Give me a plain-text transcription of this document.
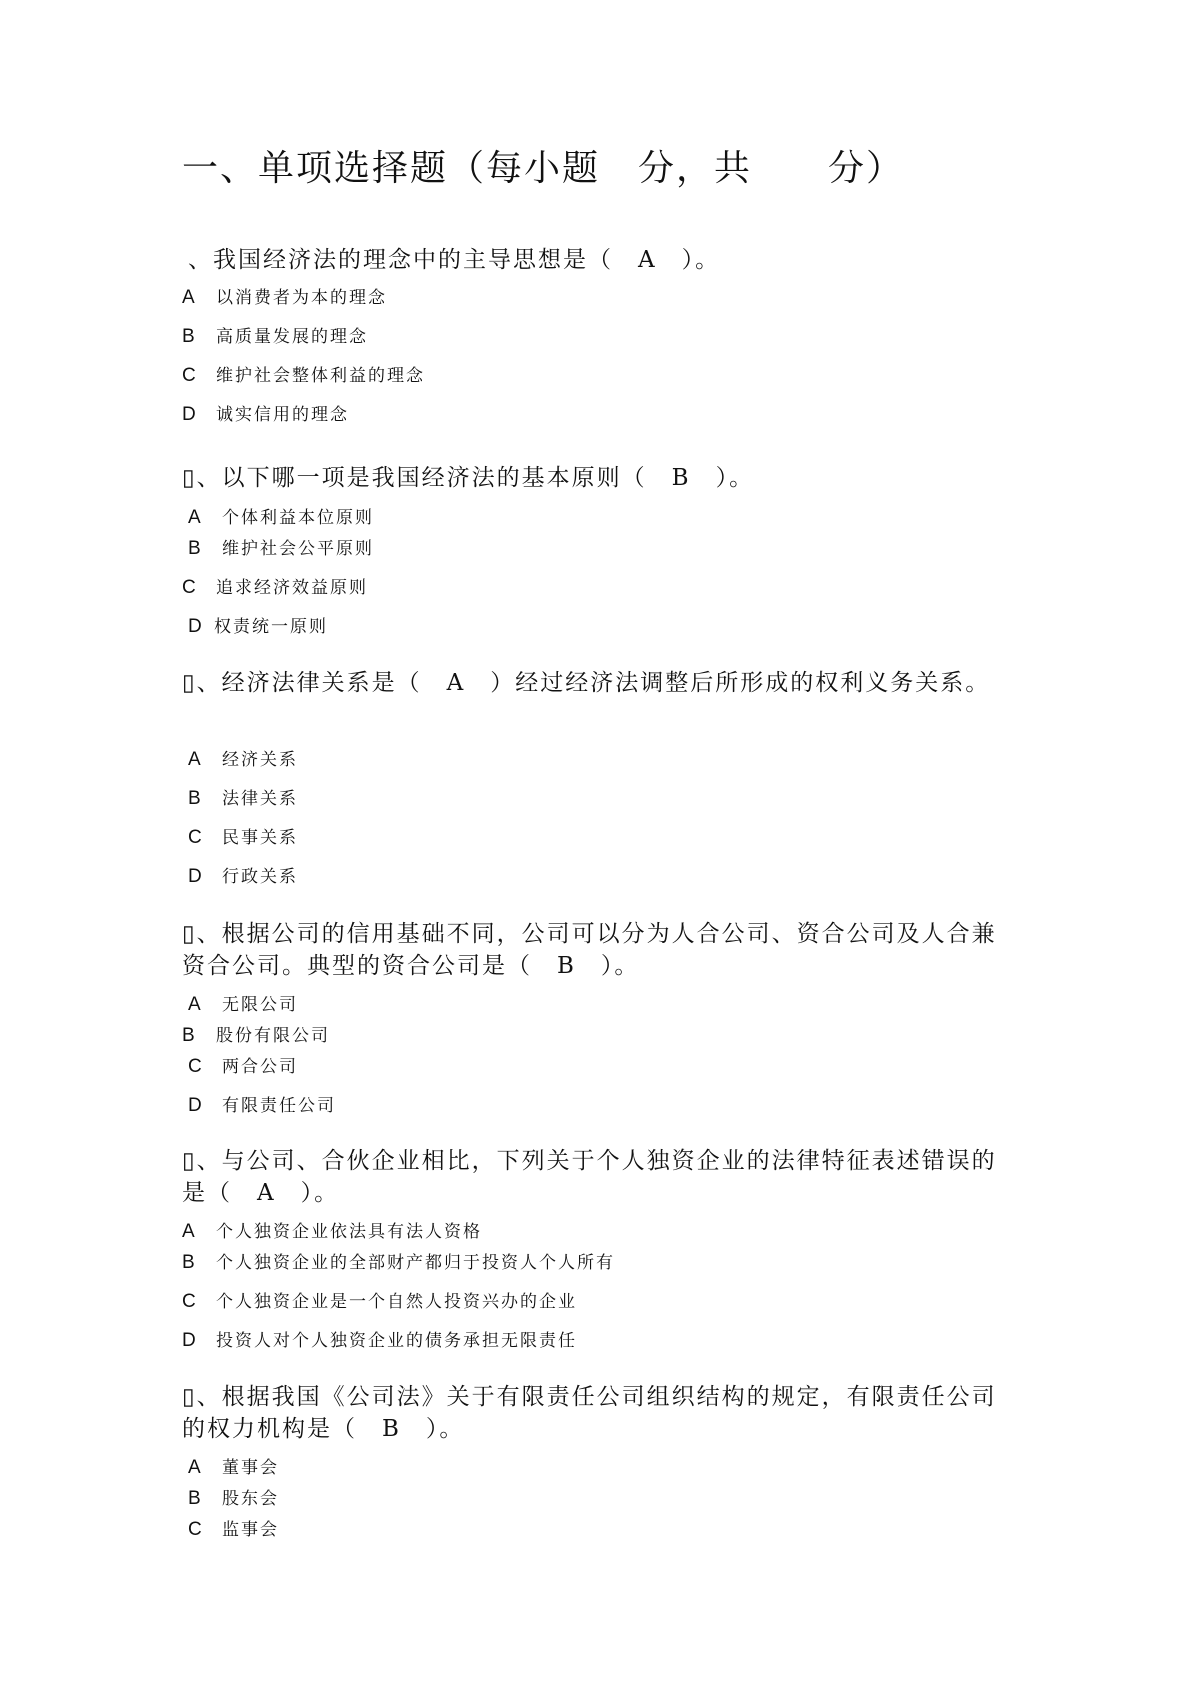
一、单项选择题（每小题　分，共　　分）
、我国经济法的理念中的主导思想是（　A　）。
A 以消费者为本的理念
B 高质量发展的理念
C 维护社会整体利益的理念
D 诚实信用的理念
▯、以下哪一项是我国经济法的基本原则（　B　）。
A 个体利益本位原则
B 维护社会公平原则
C 追求经济效益原则
D 权责统一原则
▯、经济法律关系是（　A　）经过经济法调整后所形成的权利义务关系。
A 经济关系
B 法律关系
C 民事关系
D 行政关系
▯、根据公司的信用基础不同，公司可以分为人合公司、资合公司及人合兼
资合公司。典型的资合公司是（　B　）。
A 无限公司
B 股份有限公司
C 两合公司
D 有限责任公司
▯、与公司、合伙企业相比，下列关于个人独资企业的法律特征表述错误的
是（　A　）。
A 个人独资企业依法具有法人资格
B 个人独资企业的全部财产都归于投资人个人所有
C 个人独资企业是一个自然人投资兴办的企业
D 投资人对个人独资企业的债务承担无限责任
▯、根据我国《公司法》关于有限责任公司组织结构的规定，有限责任公司
的权力机构是（　B　）。
A 董事会
B 股东会
C 监事会
